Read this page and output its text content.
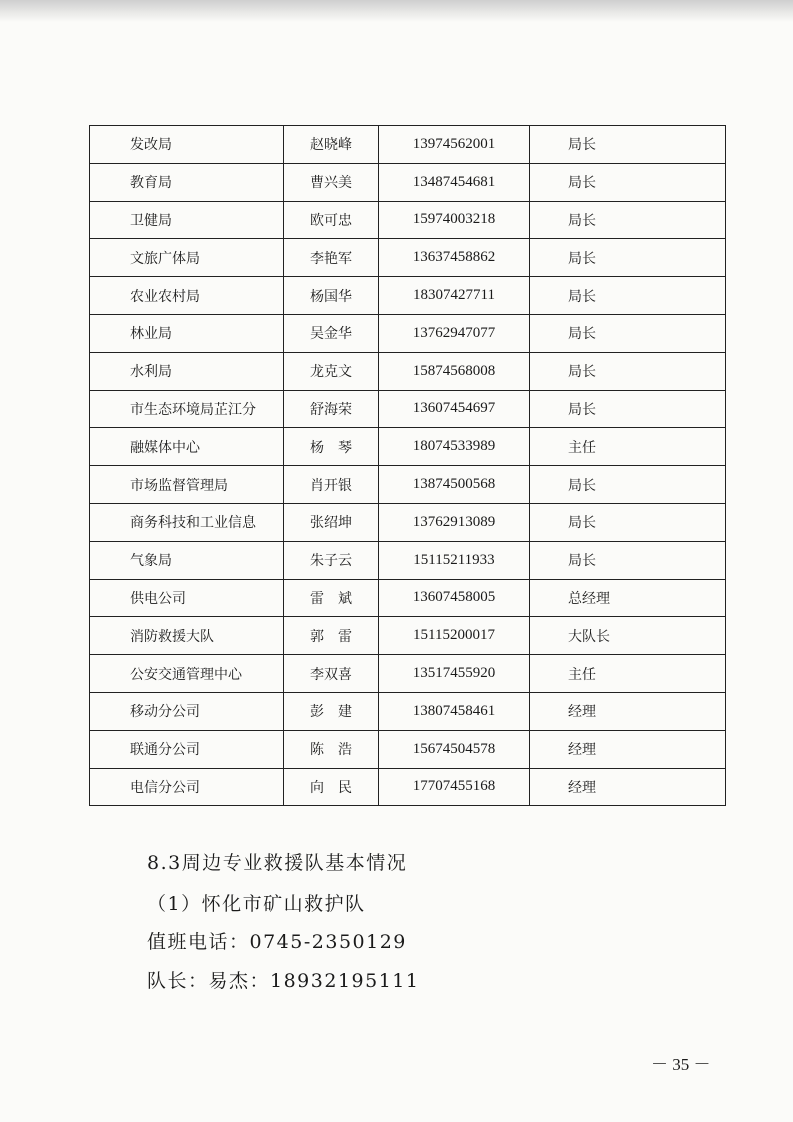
发改局	赵晓峰	13974562001	局长
教育局	曹兴美	13487454681	局长
卫健局	欧可忠	15974003218	局长
文旅广体局	李艳军	13637458862	局长
农业农村局	杨国华	18307427711	局长
林业局	吴金华	13762947077	局长
水利局	龙克文	15874568008	局长
市生态环境局芷江分	舒海荣	13607454697	局长
融媒体中心	杨　琴	18074533989	主任
市场监督管理局	肖开银	13874500568	局长
商务科技和工业信息	张绍坤	13762913089	局长
气象局	朱子云	15115211933	局长
供电公司	雷　斌	13607458005	总经理
消防救援大队	郭　雷	15115200017	大队长
公安交通管理中心	李双喜	13517455920	主任
移动分公司	彭　建	13807458461	经理
联通分公司	陈　浩	15674504578	经理
电信分公司	向　民	17707455168	经理

8.3周边专业救援队基本情况

（1）怀化市矿山救护队

值班电话：0745-2350129

队长：易杰：18932195111

－ 35 －
